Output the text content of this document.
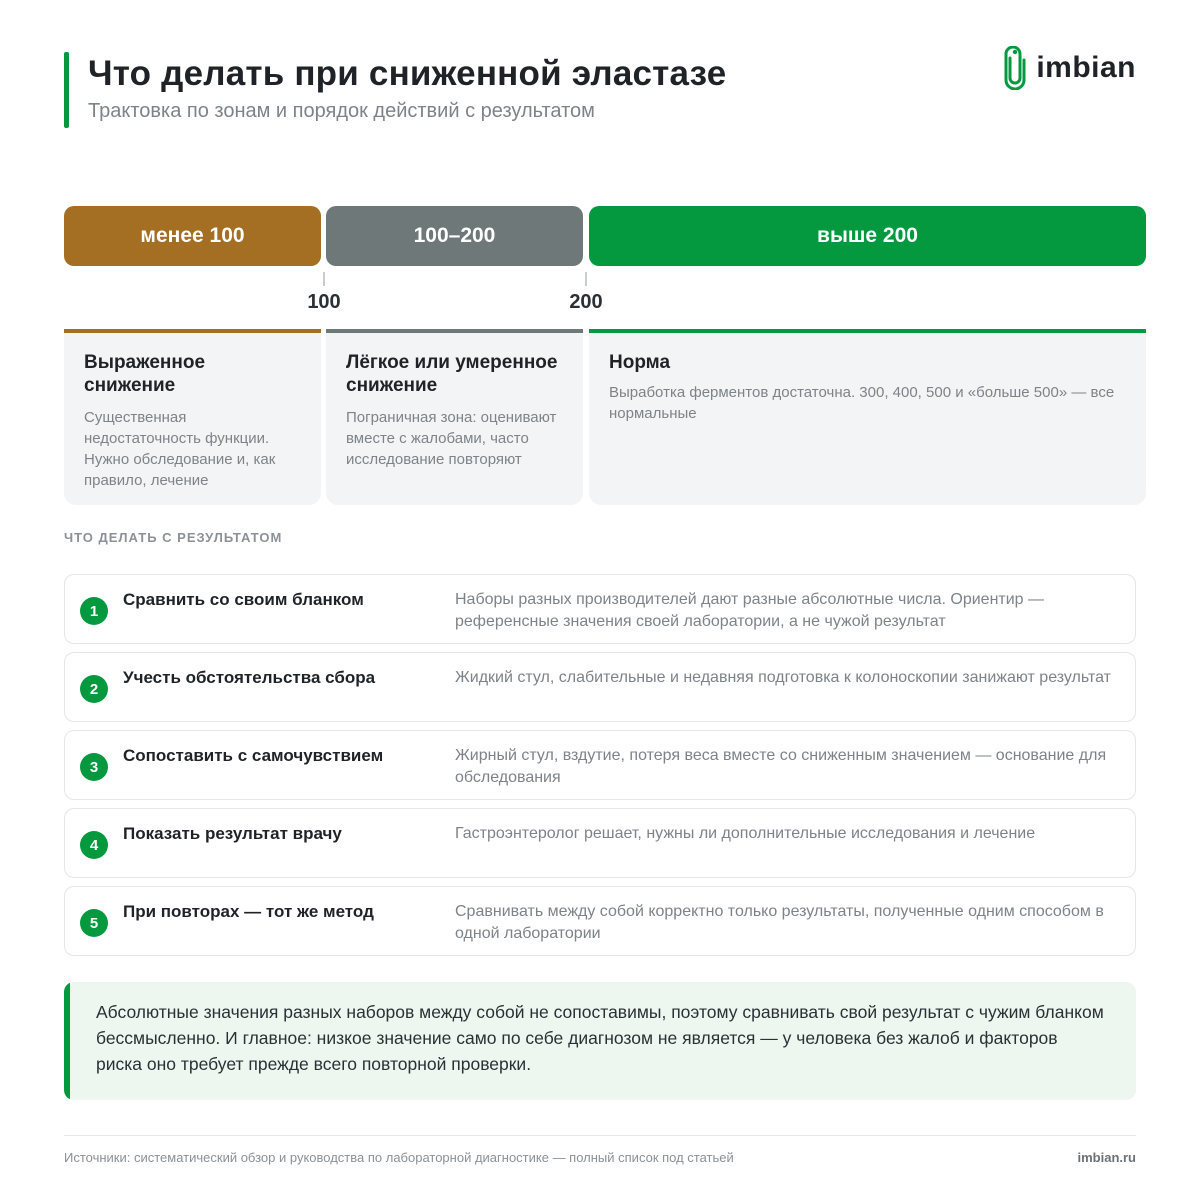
Что делать при сниженной эластазе
Трактовка по зонам и порядок действий с результатом
imbian
менее 100	100–200	выше 200
100	200
Выраженное снижение
Существенная недостаточность функции. Нужно обследование и, как правило, лечение
Лёгкое или умеренное снижение
Пограничная зона: оценивают вместе с жалобами, часто исследование повторяют
Норма
Выработка ферментов достаточна. 300, 400, 500 и «больше 500» — все нормальные
ЧТО ДЕЛАТЬ С РЕЗУЛЬТАТОМ
1
Сравнить со своим бланком	Наборы разных производителей дают разные абсолютные числа. Ориентир — референсные значения своей лаборатории, а не чужой результат
2
Учесть обстоятельства сбора	Жидкий стул, слабительные и недавняя подготовка к колоноскопии занижают результат
3
Сопоставить с самочувствием	Жирный стул, вздутие, потеря веса вместе со сниженным значением — основание для обследования
4
Показать результат врачу	Гастроэнтеролог решает, нужны ли дополнительные исследования и лечение
5
При повторах — тот же метод	Сравнивать между собой корректно только результаты, полученные одним способом в одной лаборатории
Абсолютные значения разных наборов между собой не сопоставимы, поэтому сравнивать свой результат с чужим бланком бессмысленно. И главное: низкое значение само по себе диагнозом не является — у человека без жалоб и факторов риска оно требует прежде всего повторной проверки.
Источники: систематический обзор и руководства по лабораторной диагностике — полный список под статьей	imbian.ru
